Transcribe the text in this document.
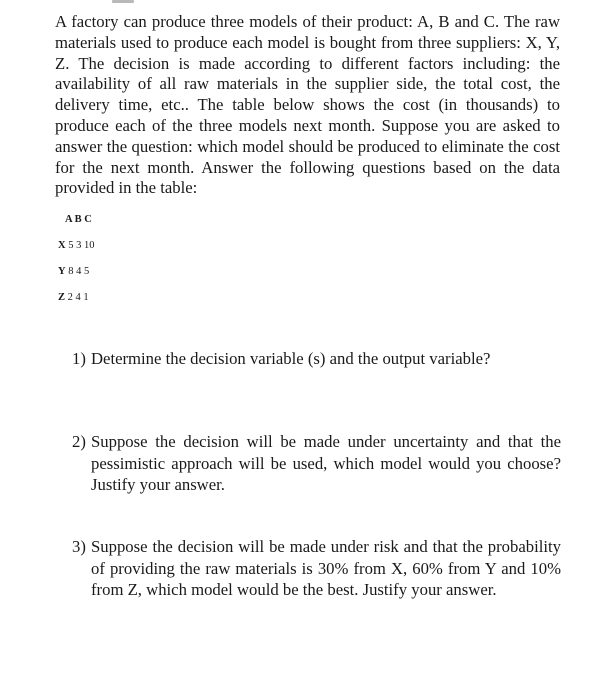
A factory can produce three models of their product: A, B and C. The raw materials used to produce each model is bought from three suppliers: X, Y, Z. The decision is made according to different factors including: the availability of all raw materials in the supplier side, the total cost, the delivery time, etc.. The table below shows the cost (in thousands) to produce each of the three models next month. Suppose you are asked to answer the question: which model should be produced to eliminate the cost for the next month. Answer the following questions based on the data provided in the table:

A B C
X 5 3 10
Y 8 4 5
Z 2 4 1
1) Determine the decision variable (s) and the output variable?
2) Suppose the decision will be made under uncertainty and that the pessimistic approach will be used, which model would you choose? Justify your answer.
3) Suppose the decision will be made under risk and that the probability of providing the raw materials is 30% from X, 60% from Y and 10% from Z, which model would be the best. Justify your answer.
